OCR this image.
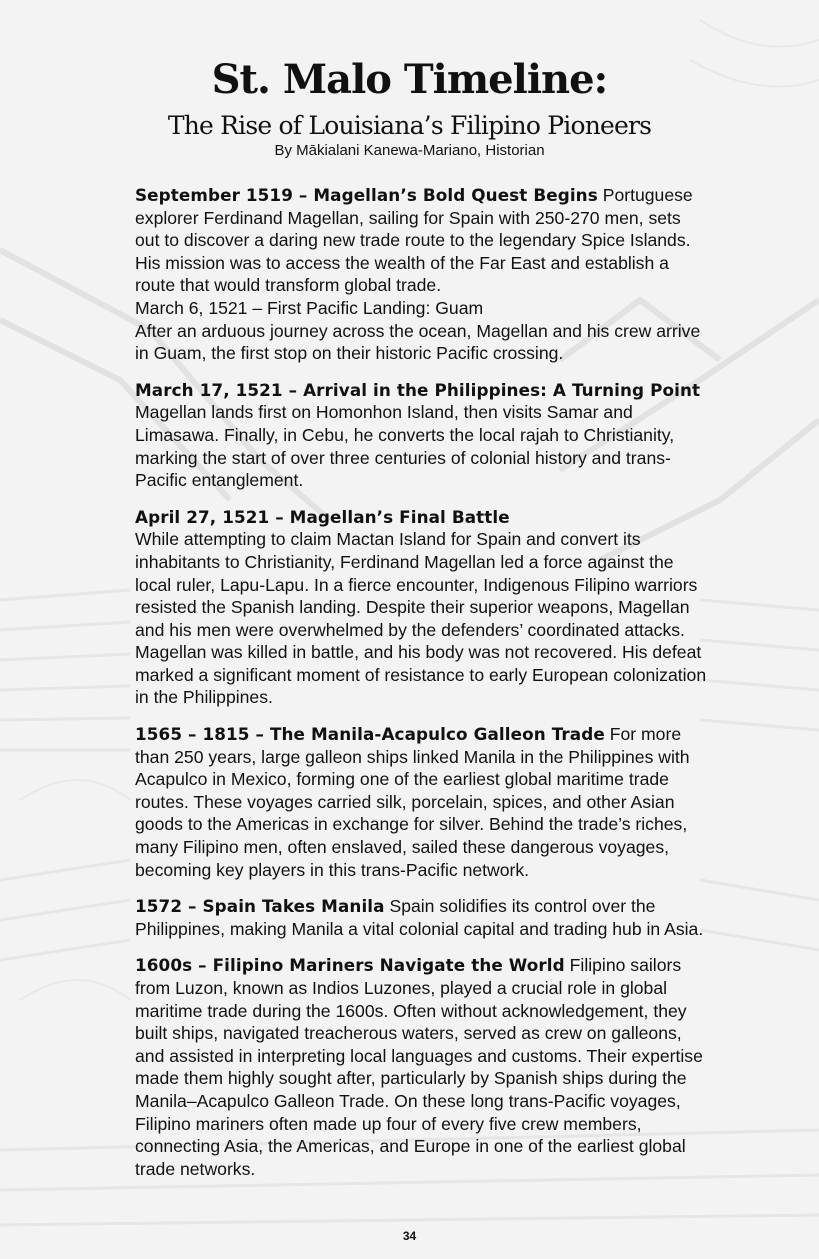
St. Malo Timeline:
The Rise of Louisiana’s Filipino Pioneers
By Mākialani Kanewa-Mariano, Historian

September 1519 – Magellan’s Bold Quest Begins Portuguese explorer Ferdinand Magellan, sailing for Spain with 250-270 men, sets out to discover a daring new trade route to the legendary Spice Islands. His mission was to access the wealth of the Far East and establish a route that would transform global trade.

March 6, 1521 – First Pacific Landing: Guam

After an arduous journey across the ocean, Magellan and his crew arrive in Guam, the first stop on their historic Pacific crossing.

March 17, 1521 – Arrival in the Philippines: A Turning Point Magellan lands first on Homonhon Island, then visits Samar and Limasawa. Finally, in Cebu, he converts the local rajah to Christianity, marking the start of over three centuries of colonial history and trans-Pacific entanglement.

April 27, 1521 – Magellan’s Final Battle

While attempting to claim Mactan Island for Spain and convert its inhabitants to Christianity, Ferdinand Magellan led a force against the local ruler, Lapu-Lapu. In a fierce encounter, Indigenous Filipino warriors resisted the Spanish landing. Despite their superior weapons, Magellan and his men were overwhelmed by the defenders’ coordinated attacks. Magellan was killed in battle, and his body was not recovered. His defeat marked a significant moment of resistance to early European colonization in the Philippines.

1565 – 1815 – The Manila-Acapulco Galleon Trade For more than 250 years, large galleon ships linked Manila in the Philippines with Acapulco in Mexico, forming one of the earliest global maritime trade routes. These voyages carried silk, porcelain, spices, and other Asian goods to the Americas in exchange for silver. Behind the trade’s riches, many Filipino men, often enslaved, sailed these dangerous voyages, becoming key players in this trans-Pacific network.

1572 – Spain Takes Manila Spain solidifies its control over the Philippines, making Manila a vital colonial capital and trading hub in Asia.

1600s – Filipino Mariners Navigate the World Filipino sailors from Luzon, known as Indios Luzones, played a crucial role in global maritime trade during the 1600s. Often without acknowledgement, they built ships, navigated treacherous waters, served as crew on galleons, and assisted in interpreting local languages and customs. Their expertise made them highly sought after, particularly by Spanish ships during the Manila–Acapulco Galleon Trade. On these long trans-Pacific voyages, Filipino mariners often made up four of every five crew members, connecting Asia, the Americas, and Europe in one of the earliest global trade networks.

34
